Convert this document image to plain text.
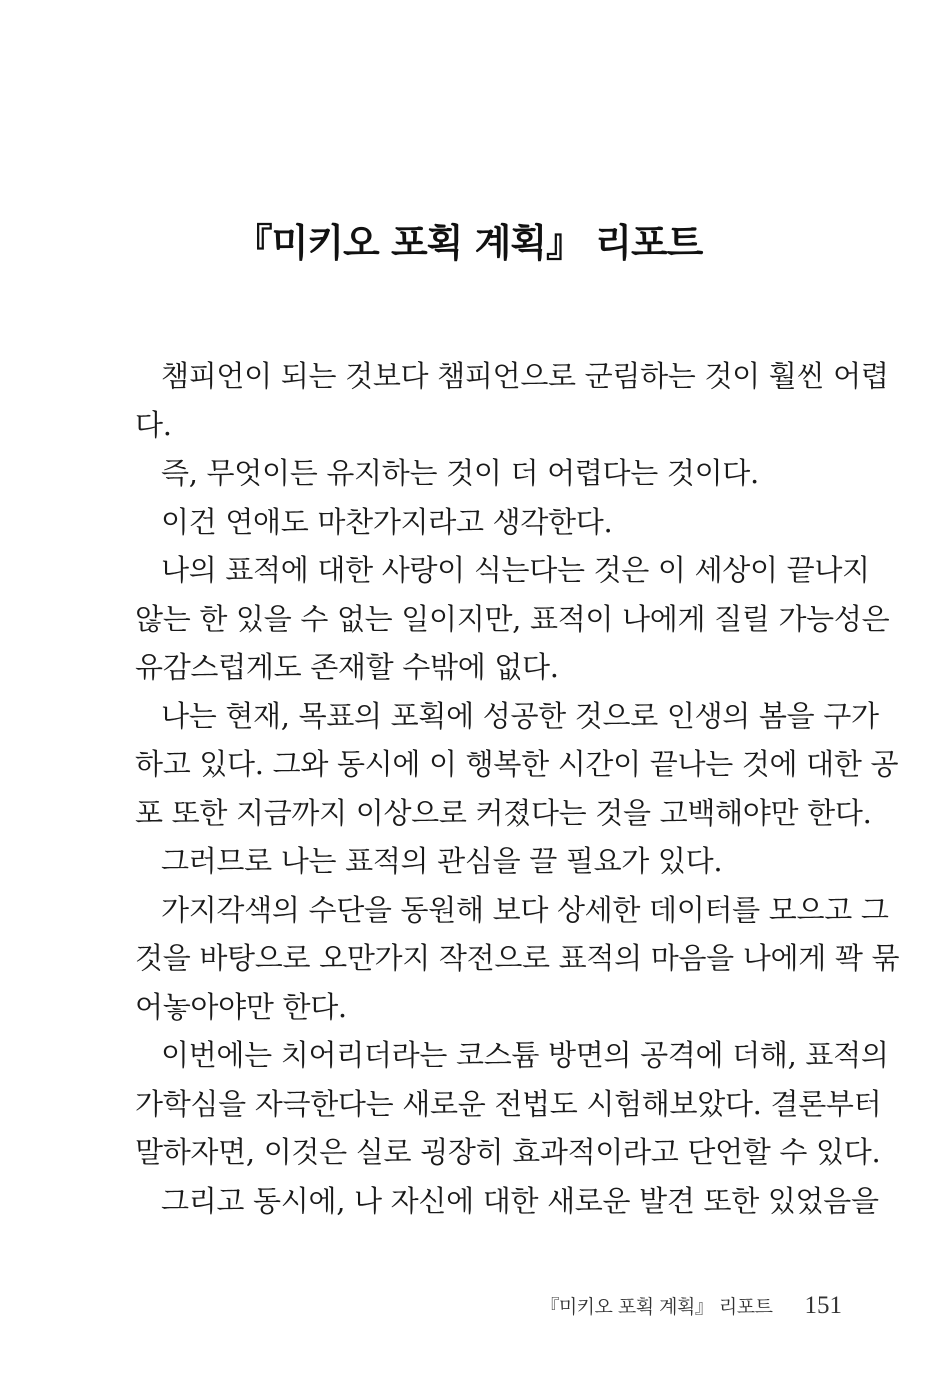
『미키오 포획 계획』 리포트
챔피언이 되는 것보다 챔피언으로 군림하는 것이 훨씬 어렵
다.
즉, 무엇이든 유지하는 것이 더 어렵다는 것이다.
이건 연애도 마찬가지라고 생각한다.
나의 표적에 대한 사랑이 식는다는 것은 이 세상이 끝나지
않는 한 있을 수 없는 일이지만, 표적이 나에게 질릴 가능성은
유감스럽게도 존재할 수밖에 없다.
나는 현재, 목표의 포획에 성공한 것으로 인생의 봄을 구가
하고 있다. 그와 동시에 이 행복한 시간이 끝나는 것에 대한 공
포 또한 지금까지 이상으로 커졌다는 것을 고백해야만 한다.
그러므로 나는 표적의 관심을 끌 필요가 있다.
가지각색의 수단을 동원해 보다 상세한 데이터를 모으고 그
것을 바탕으로 오만가지 작전으로 표적의 마음을 나에게 꽉 묶
어놓아야만 한다.
이번에는 치어리더라는 코스튬 방면의 공격에 더해, 표적의
가학심을 자극한다는 새로운 전법도 시험해보았다. 결론부터
말하자면, 이것은 실로 굉장히 효과적이라고 단언할 수 있다.
그리고 동시에, 나 자신에 대한 새로운 발견 또한 있었음을
『미키오 포획 계획』 리포트 151
